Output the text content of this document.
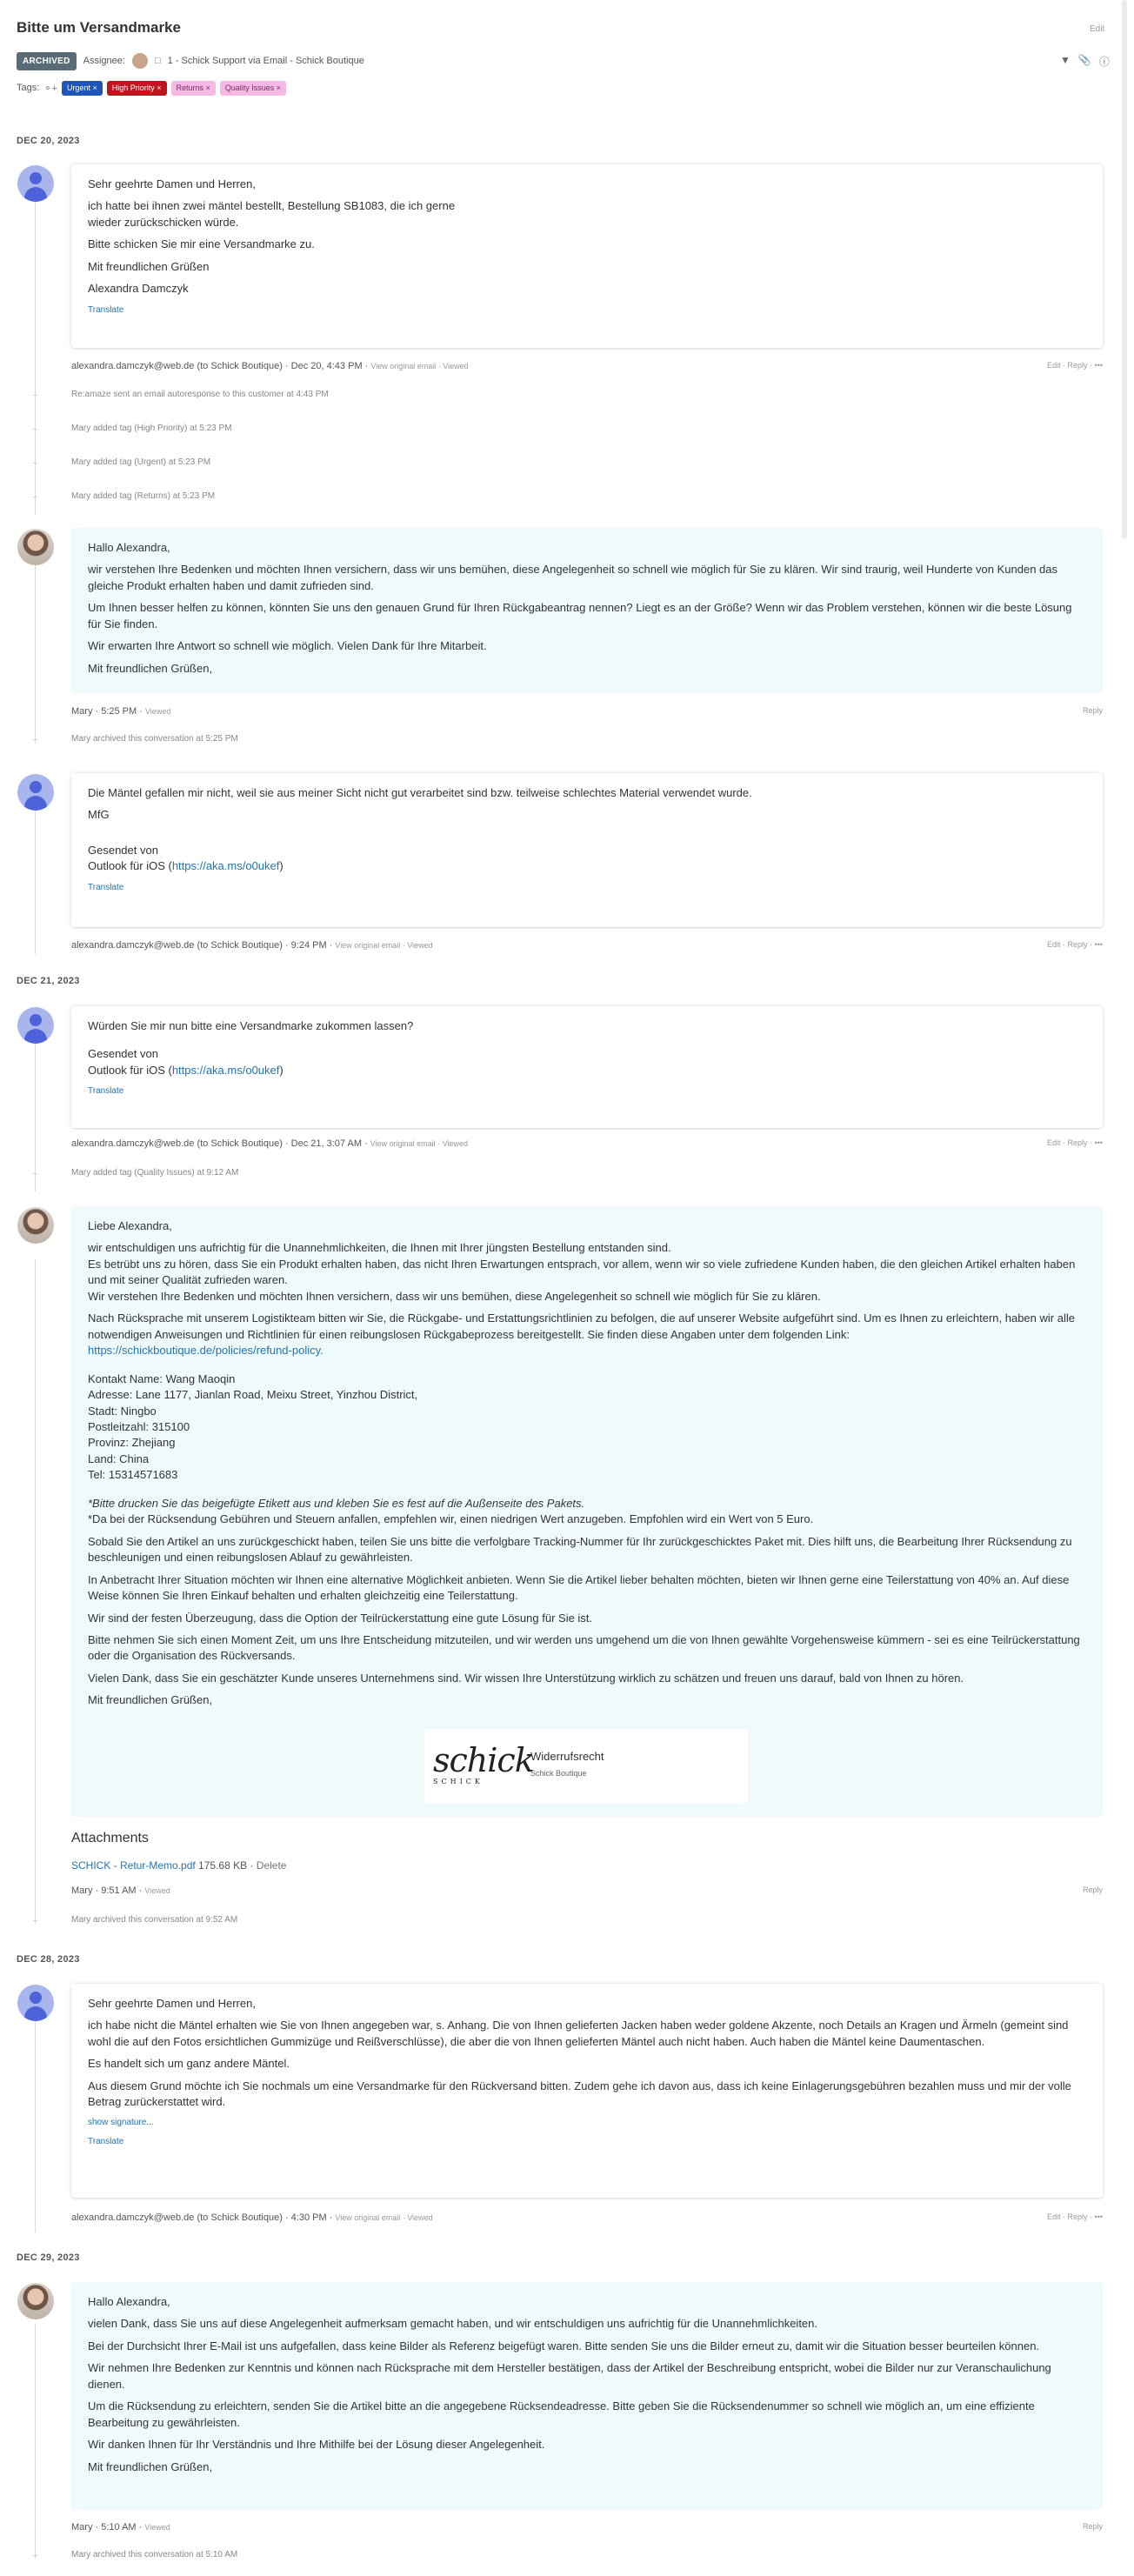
Bitte um Versandmarke	Edit
ARCHIVED	Assignee:	□ 1 - Schick Support via Email - Schick Boutique	▼ 📎 ⓘ
Tags: ⚬+	Urgent ×	High Priority ×	Returns ×	Quality Issues ×
DEC 20, 2023

Sehr geehrte Damen und Herren,

ich hatte bei ihnen zwei mäntel bestellt, Bestellung SB1083, die ich gerne

wieder zurückschicken würde.

Bitte schicken Sie mir eine Versandmarke zu.

Mit freundlichen Grüßen

Alexandra Damczyk

Translate
alexandra.damczyk@web.de (to Schick Boutique) · Dec 20, 4:43 PM · View original email · Viewed	Edit · Reply · •••
Re:amaze sent an email autoresponse to this customer at 4:43 PM
Mary added tag (High Priority) at 5:23 PM
Mary added tag (Urgent) at 5:23 PM
Mary added tag (Returns) at 5:23 PM

Hallo Alexandra,

wir verstehen Ihre Bedenken und möchten Ihnen versichern, dass wir uns bemühen, diese Angelegenheit so schnell wie möglich für Sie zu klären. Wir sind traurig, weil Hunderte von Kunden das gleiche Produkt erhalten haben und damit zufrieden sind.

Um Ihnen besser helfen zu können, könnten Sie uns den genauen Grund für Ihren Rückgabeantrag nennen? Liegt es an der Größe? Wenn wir das Problem verstehen, können wir die beste Lösung für Sie finden.

Wir erwarten Ihre Antwort so schnell wie möglich. Vielen Dank für Ihre Mitarbeit.

Mit freundlichen Grüßen,

Mary · 5:25 PM · Viewed	Reply
Mary archived this conversation at 5:25 PM

Die Mäntel gefallen mir nicht, weil sie aus meiner Sicht nicht gut verarbeitet sind bzw. teilweise schlechtes Material verwendet wurde.

MfG

Gesendet von

Outlook für iOS (https://aka.ms/o0ukef)

Translate
alexandra.damczyk@web.de (to Schick Boutique) · 9:24 PM · View original email · Viewed	Edit · Reply · •••
DEC 21, 2023

Würden Sie mir nun bitte eine Versandmarke zukommen lassen?

Gesendet von

Outlook für iOS (https://aka.ms/o0ukef)

Translate
alexandra.damczyk@web.de (to Schick Boutique) · Dec 21, 3:07 AM · View original email · Viewed	Edit · Reply · •••
Mary added tag (Quality Issues) at 9:12 AM

Liebe Alexandra,

wir entschuldigen uns aufrichtig für die Unannehmlichkeiten, die Ihnen mit Ihrer jüngsten Bestellung entstanden sind.

Es betrübt uns zu hören, dass Sie ein Produkt erhalten haben, das nicht Ihren Erwartungen entsprach, vor allem, wenn wir so viele zufriedene Kunden haben, die den gleichen Artikel erhalten haben und mit seiner Qualität zufrieden waren.

Wir verstehen Ihre Bedenken und möchten Ihnen versichern, dass wir uns bemühen, diese Angelegenheit so schnell wie möglich für Sie zu klären.

Nach Rücksprache mit unserem Logistikteam bitten wir Sie, die Rückgabe- und Erstattungsrichtlinien zu befolgen, die auf unserer Website aufgeführt sind. Um es Ihnen zu erleichtern, haben wir alle notwendigen Anweisungen und Richtlinien für einen reibungslosen Rückgabeprozess bereitgestellt. Sie finden diese Angaben unter dem folgenden Link:

https://schickboutique.de/policies/refund-policy.

Kontakt Name: Wang Maoqin

Adresse: Lane 1177, Jianlan Road, Meixu Street, Yinzhou District,

Stadt: Ningbo

Postleitzahl: 315100

Provinz: Zhejiang

Land: China

Tel: 15314571683

*Bitte drucken Sie das beigefügte Etikett aus und kleben Sie es fest auf die Außenseite des Pakets.

*Da bei der Rücksendung Gebühren und Steuern anfallen, empfehlen wir, einen niedrigen Wert anzugeben. Empfohlen wird ein Wert von 5 Euro.

Sobald Sie den Artikel an uns zurückgeschickt haben, teilen Sie uns bitte die verfolgbare Tracking-Nummer für Ihr zurückgeschicktes Paket mit. Dies hilft uns, die Bearbeitung Ihrer Rücksendung zu beschleunigen und einen reibungslosen Ablauf zu gewährleisten.

In Anbetracht Ihrer Situation möchten wir Ihnen eine alternative Möglichkeit anbieten. Wenn Sie die Artikel lieber behalten möchten, bieten wir Ihnen gerne eine Teilerstattung von 40% an. Auf diese Weise können Sie Ihren Einkauf behalten und erhalten gleichzeitig eine Teilerstattung.

Wir sind der festen Überzeugung, dass die Option der Teilrückerstattung eine gute Lösung für Sie ist.

Bitte nehmen Sie sich einen Moment Zeit, um uns Ihre Entscheidung mitzuteilen, und wir werden uns umgehend um die von Ihnen gewählte Vorgehensweise kümmern - sei es eine Teilrückerstattung oder die Organisation des Rückversands.

Vielen Dank, dass Sie ein geschätzter Kunde unseres Unternehmens sind. Wir wissen Ihre Unterstützung wirklich zu schätzen und freuen uns darauf, bald von Ihnen zu hören.

Mit freundlichen Grüßen,

schick
SCHICK
Widerrufsrecht
Schick Boutique
Attachments
SCHICK - Retur-Memo.pdf 175.68 KB · Delete
Mary · 9:51 AM · Viewed	Reply
Mary archived this conversation at 9:52 AM
DEC 28, 2023

Sehr geehrte Damen und Herren,

ich habe nicht die Mäntel erhalten wie Sie von Ihnen angegeben war, s. Anhang. Die von Ihnen gelieferten Jacken haben weder goldene Akzente, noch Details an Kragen und Ärmeln (gemeint sind wohl die auf den Fotos ersichtlichen Gummizüge und Reißverschlüsse), die aber die von Ihnen gelieferten Mäntel auch nicht haben. Auch haben die Mäntel keine Daumentaschen.

Es handelt sich um ganz andere Mäntel.

Aus diesem Grund möchte ich Sie nochmals um eine Versandmarke für den Rückversand bitten. Zudem gehe ich davon aus, dass ich keine Einlagerungsgebühren bezahlen muss und mir der volle Betrag zurückerstattet wird.

show signature...
Translate
alexandra.damczyk@web.de (to Schick Boutique) · 4:30 PM · View original email · Viewed	Edit · Reply · •••
DEC 29, 2023

Hallo Alexandra,

vielen Dank, dass Sie uns auf diese Angelegenheit aufmerksam gemacht haben, und wir entschuldigen uns aufrichtig für die Unannehmlichkeiten.

Bei der Durchsicht Ihrer E-Mail ist uns aufgefallen, dass keine Bilder als Referenz beigefügt waren. Bitte senden Sie uns die Bilder erneut zu, damit wir die Situation besser beurteilen können.

Wir nehmen Ihre Bedenken zur Kenntnis und können nach Rücksprache mit dem Hersteller bestätigen, dass der Artikel der Beschreibung entspricht, wobei die Bilder nur zur Veranschaulichung dienen.

Um die Rücksendung zu erleichtern, senden Sie die Artikel bitte an die angegebene Rücksendeadresse. Bitte geben Sie die Rücksendenummer so schnell wie möglich an, um eine effiziente Bearbeitung zu gewährleisten.

Wir danken Ihnen für Ihr Verständnis und Ihre Mithilfe bei der Lösung dieser Angelegenheit.

Mit freundlichen Grüßen,

Mary · 5:10 AM · Viewed	Reply
Mary archived this conversation at 5:10 AM
